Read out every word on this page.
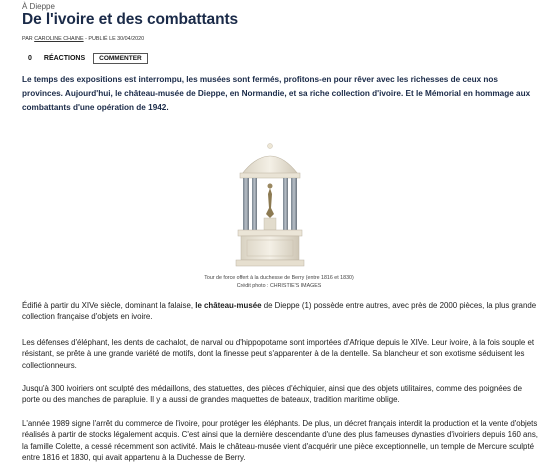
À Dieppe
De l'ivoire et des combattants
PAR CAROLINE CHAINE - PUBLIÉ LE 30/04/2020
0 RÉACTIONS	COMMENTER

Le temps des expositions est interrompu, les musées sont fermés, profitons-en pour rêver avec les richesses de ceux nos provinces. Aujourd'hui, le château-musée de Dieppe, en Normandie, et sa riche collection d'ivoire. Et le Mémorial en hommage aux combattants d'une opération de 1942.

Tour de force offert à la duchesse de Berry (entre 1816 et 1830)
Crédit photo : CHRISTIE'S IMAGES

Édifié à partir du XIVe siècle, dominant la falaise, le château-musée de Dieppe (1) possède entre autres, avec près de 2000 pièces, la plus grande collection française d'objets en ivoire.

Les défenses d'éléphant, les dents de cachalot, de narval ou d'hippopotame sont importées d'Afrique depuis le XIVe. Leur ivoire, à la fois souple et résistant, se prête à une grande variété de motifs, dont la finesse peut s'apparenter à de la dentelle. Sa blancheur et son exotisme séduisent les collectionneurs.

Jusqu'à 300 ivoiriers ont sculpté des médaillons, des statuettes, des pièces d'échiquier, ainsi que des objets utilitaires, comme des poignées de porte ou des manches de parapluie. Il y a aussi de grandes maquettes de bateaux, tradition maritime oblige.

L'année 1989 signe l'arrêt du commerce de l'ivoire, pour protéger les éléphants. De plus, un décret français interdit la production et la vente d'objets réalisés à partir de stocks légalement acquis. C'est ainsi que la dernière descendante d'une des plus fameuses dynasties d'ivoiriers depuis 160 ans, la famille Colette, a cessé récemment son activité. Mais le château-musée vient d'acquérir une pièce exceptionnelle, un temple de Mercure sculpté entre 1816 et 1830, qui avait appartenu à la Duchesse de Berry.
